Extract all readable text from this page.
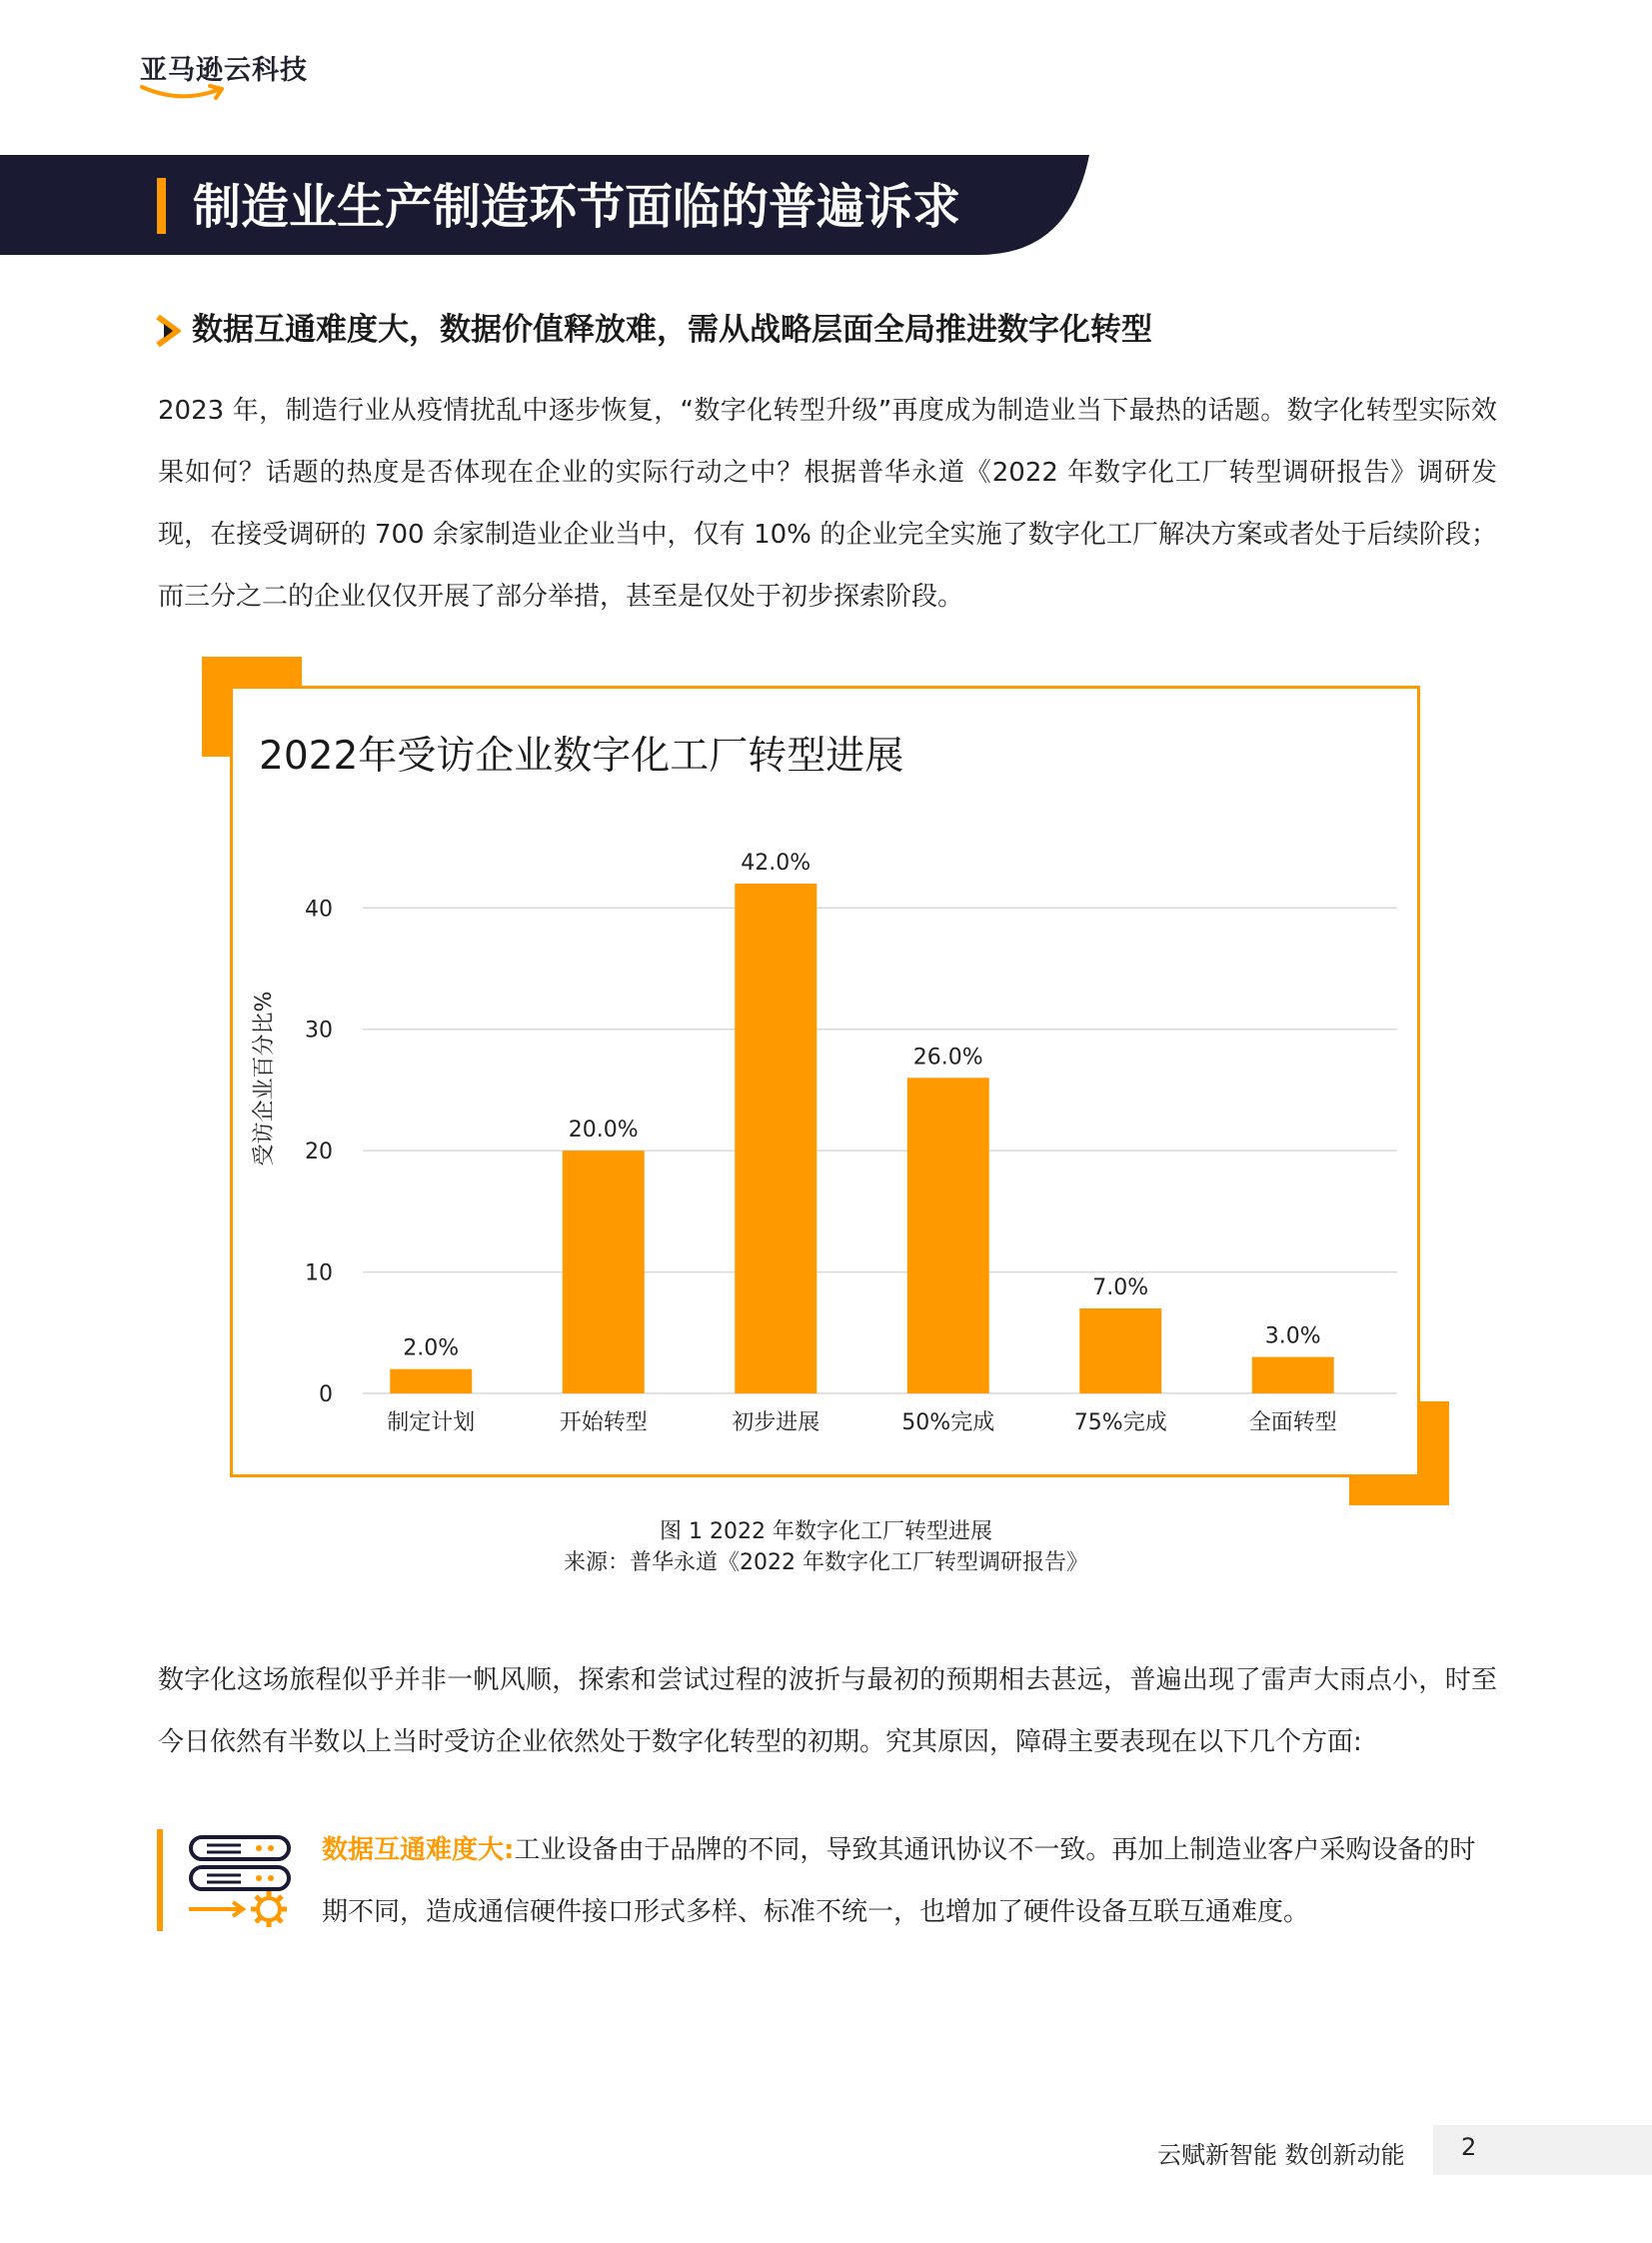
亚马逊云科技
制造业生产制造环节面临的普遍诉求
数据互通难度大，数据价值释放难，需从战略层面全局推进数字化转型
2023 年，制造行业从疫情扰乱中逐步恢复，“数字化转型升级”再度成为制造业当下最热的话题。数字化转型实际效果如何？话题的热度是否体现在企业的实际行动之中？根据普华永道《2022 年数字化工厂转型调研报告》调研发现，在接受调研的 700 余家制造业企业当中，仅有 10% 的企业完全实施了数字化工厂解决方案或者处于后续阶段；而三分之二的企业仅仅开展了部分举措，甚至是仅处于初步探索阶段。
2022年受访企业数字化工厂转型进展
0
10
20
30
40
受访企业百分比%
2.0%
制定计划
20.0%
开始转型
42.0%
初步进展
26.0%
50%完成
7.0%
75%完成
3.0%
全面转型
图 1 2022 年数字化工厂转型进展
来源：普华永道《2022 年数字化工厂转型调研报告》
数字化这场旅程似乎并非一帆风顺，探索和尝试过程的波折与最初的预期相去甚远，普遍出现了雷声大雨点小，时至今日依然有半数以上当时受访企业依然处于数字化转型的初期。究其原因，障碍主要表现在以下几个方面:
数据互通难度大:工业设备由于品牌的不同，导致其通讯协议不一致。再加上制造业客户采购设备的时期不同，造成通信硬件接口形式多样、标准不统一，也增加了硬件设备互联互通难度。
云赋新智能 数创新动能 2
